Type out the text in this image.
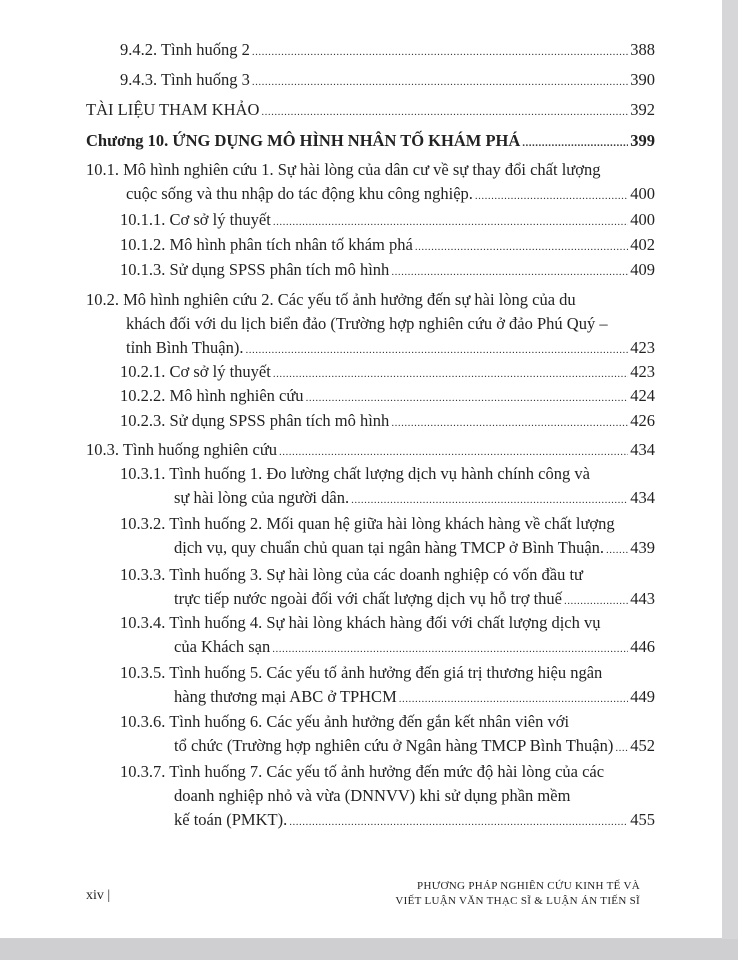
9.4.2. Tình huống 2 .....	388
9.4.3. Tình huống 3 .....	390
TÀI LIỆU THAM KHẢO .....	392
Chương 10. ỨNG DỤNG MÔ HÌNH NHÂN TỐ KHÁM PHÁ .....	399
10.1. Mô hình nghiên cứu 1. Sự hài lòng của dân cư về sự thay đổi chất lượng
cuộc sống và thu nhập do tác động khu công nghiệp. .....	400
10.1.1. Cơ sở lý thuyết .....	400
10.1.2. Mô hình phân tích nhân tố khám phá .....	402
10.1.3. Sử dụng SPSS phân tích mô hình .....	409
10.2. Mô hình nghiên cứu 2. Các yếu tố ảnh hưởng đến sự hài lòng của du
khách đối với du lịch biển đảo (Trường hợp nghiên cứu ở đảo Phú Quý –
tỉnh Bình Thuận). .....	423
10.2.1. Cơ sở lý thuyết .....	423
10.2.2. Mô hình nghiên cứu .....	424
10.2.3. Sử dụng SPSS phân tích mô hình .....	426
10.3. Tình huống nghiên cứu .....	434
10.3.1. Tình huống 1. Đo lường chất lượng dịch vụ hành chính công và
sự hài lòng của người dân. .....	434
10.3.2. Tình huống 2. Mối quan hệ giữa hài lòng khách hàng về chất lượng
dịch vụ, quy chuẩn chủ quan tại ngân hàng TMCP ở Bình Thuận. ..... 439
10.3.3. Tình huống 3. Sự hài lòng của các doanh nghiệp có vốn đầu tư
trực tiếp nước ngoài đối với chất lượng dịch vụ hỗ trợ thuế .....	443
10.3.4. Tình huống 4. Sự hài lòng khách hàng đối với chất lượng dịch vụ
của Khách sạn .....	446
10.3.5. Tình huống 5. Các yếu tố ảnh hưởng đến giá trị thương hiệu ngân
hàng thương mại ABC ở TPHCM .....	449
10.3.6. Tình huống 6. Các yếu ảnh hưởng đến gắn kết nhân viên với
tổ chức (Trường hợp nghiên cứu ở Ngân hàng TMCP Bình Thuận) ..... 452
10.3.7. Tình huống 7. Các yếu tố ảnh hưởng đến mức độ hài lòng của các
doanh nghiệp nhỏ và vừa (DNNVV) khi sử dụng phần mềm
kế toán (PMKT). .....	455
xiv |
PHƯƠNG PHÁP NGHIÊN CỨU KINH TẾ VÀ
VIẾT LUẬN VĂN THẠC SĨ & LUẬN ÁN TIẾN SĨ
